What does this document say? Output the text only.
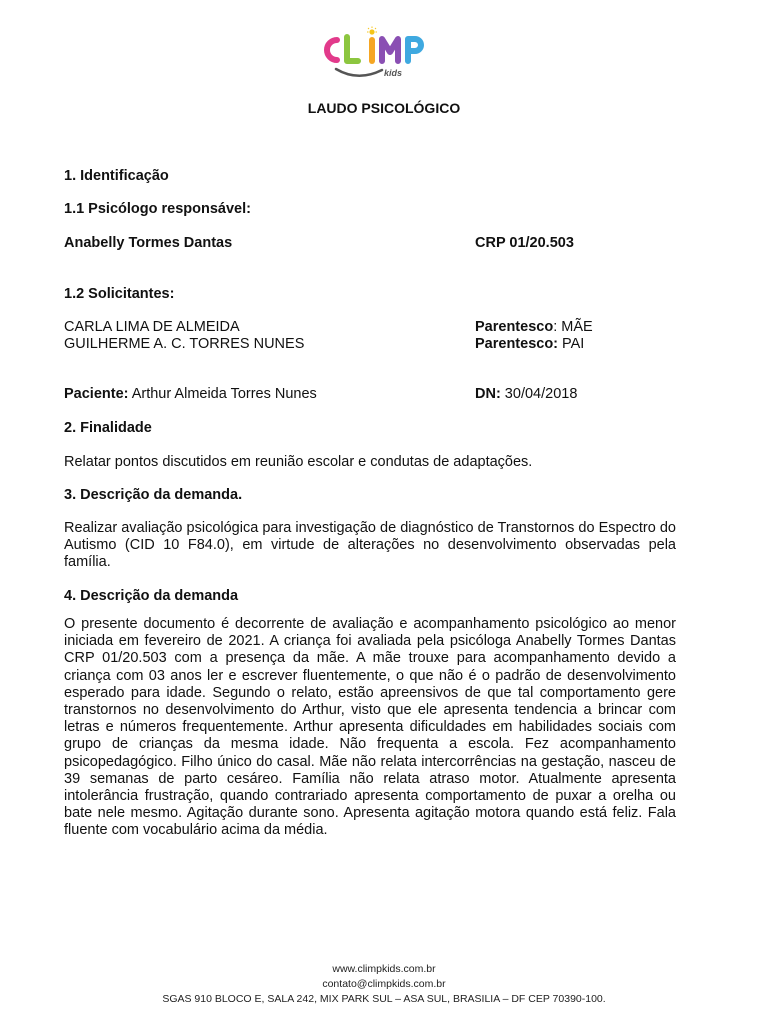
kids
LAUDO PSICOLÓGICO
1. Identificação
1.1 Psicólogo responsável:
Anabelly Tormes Dantas	CRP 01/20.503
1.2 Solicitantes:
CARLA LIMA DE ALMEIDA	Parentesco: MÃE
GUILHERME A. C. TORRES NUNES	Parentesco: PAI
Paciente: Arthur Almeida Torres Nunes	DN: 30/04/2018
2. Finalidade
Relatar pontos discutidos em reunião escolar e condutas de adaptações.
3. Descrição da demanda.
Realizar avaliação psicológica para investigação de diagnóstico de Transtornos do Espectro do Autismo (CID 10 F84.0), em virtude de alterações no desenvolvimento observadas pela família.
4. Descrição da demanda
O presente documento é decorrente de avaliação e acompanhamento psicológico ao menor iniciada em fevereiro de 2021. A criança foi avaliada pela psicóloga Anabelly Tormes Dantas CRP 01/20.503 com a presença da mãe. A mãe trouxe para acompanhamento devido a criança com 03 anos ler e escrever fluentemente, o que não é o padrão de desenvolvimento esperado para idade. Segundo o relato, estão apreensivos de que tal comportamento gere transtornos no desenvolvimento do Arthur, visto que ele apresenta tendencia a brincar com letras e números frequentemente. Arthur apresenta dificuldades em habilidades sociais com grupo de crianças da mesma idade. Não frequenta a escola. Fez acompanhamento psicopedagógico. Filho único do casal. Mãe não relata intercorrências na gestação, nasceu de 39 semanas de parto cesáreo. Família não relata atraso motor. Atualmente apresenta intolerância frustração, quando contrariado apresenta comportamento de puxar a orelha ou bate nele mesmo. Agitação durante sono. Apresenta agitação motora quando está feliz. Fala fluente com vocabulário acima da média.
www.climpkids.com.br
contato@climpkids.com.br
SGAS 910 BLOCO E, SALA 242, MIX PARK SUL – ASA SUL, BRASILIA – DF CEP 70390-100.
